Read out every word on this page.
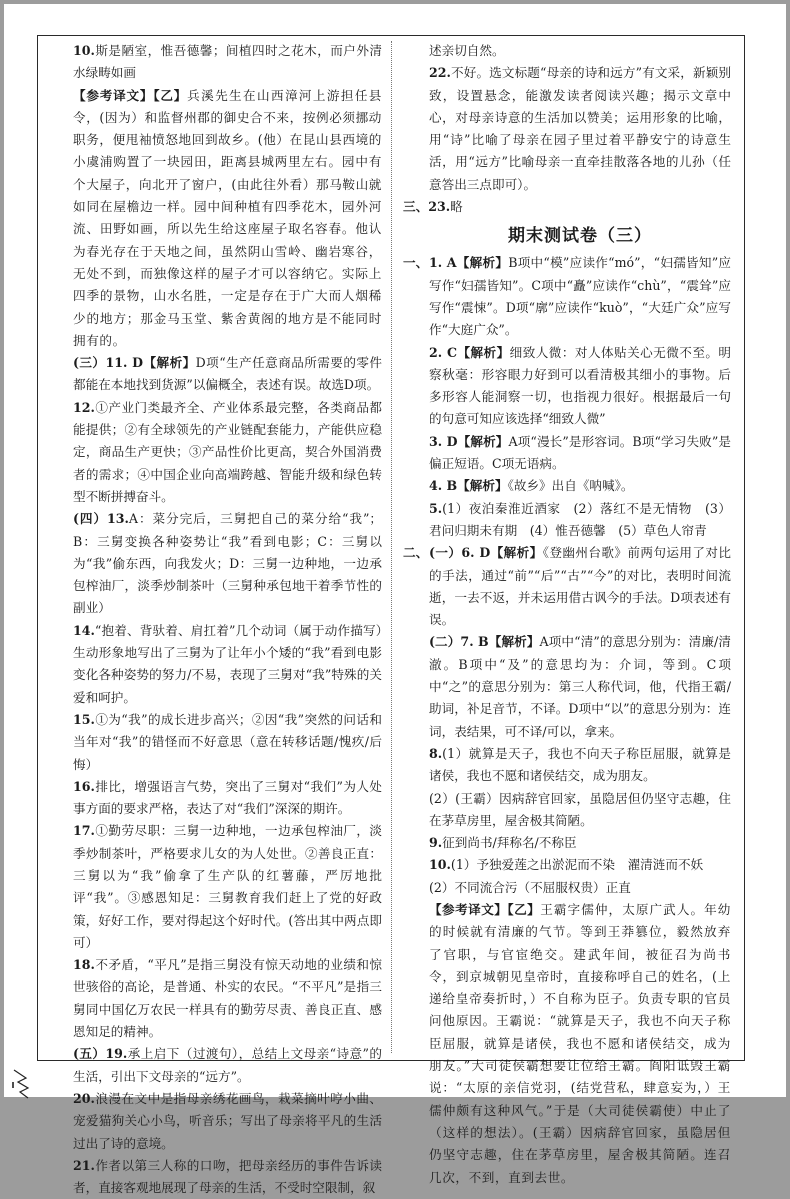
10.斯是陋室，惟吾德馨；间植四时之花木，而户外清水绿畴如画

【参考译文】【乙】兵溪先生在山西漳河上游担任县令，(因为）和监督州郡的御史合不来，按例必须挪动职务，便甩袖愤怒地回到故乡。(他）在昆山县西境的小虞浦购置了一块园田，距离县城两里左右。园中有个大屋子，向北开了窗户，(由此往外看）那马鞍山就如同在屋檐边一样。园中间种植有四季花木，园外河流、田野如画，所以先生给这座屋子取名容春。他认为春光存在于天地之间，虽然阴山雪岭、幽岩寒谷，无处不到，而独像这样的屋子才可以容纳它。实际上四季的景物，山水名胜，一定是存在于广大而人烟稀少的地方；那金马玉堂、紫舍黄阁的地方是不能同时拥有的。

(三）11. D【解析】D项“生产任意商品所需要的零件都能在本地找到货源”以偏概全，表述有误。故选D项。

12.①产业门类最齐全、产业体系最完整，各类商品都能提供；②有全球领先的产业链配套能力，产能供应稳定，商品生产更快；③产品性价比更高，契合外国消费者的需求；④中国企业向高端跨越、智能升级和绿色转型不断拼搏奋斗。

(四）13.A：菜分完后，三舅把自己的菜分给“我”；B：三舅变换各种姿势让“我”看到电影；C：三舅以为“我”偷东西，向我发火；D：三舅一边种地，一边承包榨油厂，淡季炒制茶叶（三舅种承包地干着季节性的副业）

14.“抱着、背驮着、肩扛着”几个动词（属于动作描写）生动形象地写出了三舅为了让年小个矮的“我”看到电影变化各种姿势的努力/不易，表现了三舅对“我”特殊的关爱和呵护。

15.①为“我”的成长进步高兴；②因“我”突然的问话和当年对“我”的错怪而不好意思（意在转移话题/愧疚/后悔）

16.排比，增强语言气势，突出了三舅对“我们”为人处事方面的要求严格，表达了对“我们”深深的期许。

17.①勤劳尽职：三舅一边种地，一边承包榨油厂，淡季炒制茶叶，严格要求儿女的为人处世。②善良正直：三舅以为“我”偷拿了生产队的红薯藤，严厉地批评“我”。③感恩知足：三舅教育我们赶上了党的好政策，好好工作，要对得起这个好时代。(答出其中两点即可）

18.不矛盾，“平凡”是指三舅没有惊天动地的业绩和惊世骇俗的高论，是普通、朴实的农民。“不平凡”是指三舅同中国亿万农民一样具有的勤劳尽责、善良正直、感恩知足的精神。

(五）19.承上启下（过渡句），总结上文母亲“诗意”的生活，引出下文母亲的“远方”。

20.浪漫在文中是指母亲绣花画鸟，栽菜摘叶哼小曲、宠爱猫狗关心小鸟，听音乐；写出了母亲将平凡的生活过出了诗的意境。

21.作者以第三人称的口吻，把母亲经历的事件告诉读者，直接客观地展现了母亲的生活，不受时空限制，叙

述亲切自然。

22.不好。选文标题“母亲的诗和远方”有文采，新颖别致，设置悬念，能激发读者阅读兴趣；揭示文章中心，对母亲诗意的生活加以赞美；运用形象的比喻，用“诗”比喻了母亲在园子里过着平静安宁的诗意生活，用“远方”比喻母亲一直牵挂散落各地的儿孙（任意答出三点即可）。

三、23.略

期末测试卷（三）

一、 1. A【解析】B项中“模”应读作“mó”，“妇孺皆知”应写作“妇孺皆知”。C项中“矗”应读作“chù”，“震耸”应写作“震悚”。D项“廓”应读作“kuò”，“大廷广众”应写作“大庭广众”。

2. C【解析】细致人微：对人体贴关心无微不至。明察秋毫：形容眼力好到可以看清极其细小的事物。后多形容人能洞察一切，也指视力很好。根据最后一句的句意可知应该选择“细致人微”

3. D【解析】A项“漫长”是形容词。B项“学习失败”是偏正短语。C项无语病。

4. B【解析】《故乡》出自《呐喊》。

5.(1）夜泊秦淮近酒家　(2）落红不是无情物　(3）君问归期未有期　(4）惟吾德馨　(5）草色人帘青

二、 (一）6. D【解析】《登幽州台歌》前两句运用了对比的手法，通过“前”“后”“古”“今”的对比，表明时间流逝，一去不返，并未运用借古讽今的手法。D项表述有误。

(二）7. B【解析】A项中“清”的意思分别为：清廉/清澈。B项中“及”的意思均为：介词，等到。C项中“之”的意思分别为：第三人称代词，他，代指王霸/助词，补足音节，不译。D项中“以”的意思分别为：连词，表结果，可不译/可以，拿来。

8.(1）就算是天子，我也不向天子称臣屈服，就算是诸侯，我也不愿和诸侯结交，成为朋友。

(2）(王霸）因病辞官回家，虽隐居但仍坚守志趣，住在茅草房里，屋舍极其简陋。

9.征到尚书/拜称名/不称臣

10.(1）予独爱莲之出淤泥而不染　濯清涟而不妖

(2）不同流合污（不屈服权贵）正直

【参考译文】【乙】王霸字儒仲，太原广武人。年幼的时候就有清廉的气节。等到王莽篡位，毅然放弃了官职，与官宦绝交。建武年间，被征召为尚书令，到京城朝见皇帝时，直接称呼自己的姓名，(上递给皇帝奏折时，）不自称为臣子。负责专职的官员问他原因。王霸说：“就算是天子，我也不向天子称臣屈服，就算是诸侯，我也不愿和诸侯结交，成为朋友。”大司徒侯霸想要让位给王霸。阎阳诋毁王霸说：“太原的亲信党羽，(结党营私，肆意妄为，）王儒仲颇有这种风气。”于是（大司徒侯霸使）中止了（这样的想法）。(王霸）因病辞官回家，虽隐居但仍坚守志趣，住在茅草房里，屋舍极其简陋。连召几次，不到，直到去世。
